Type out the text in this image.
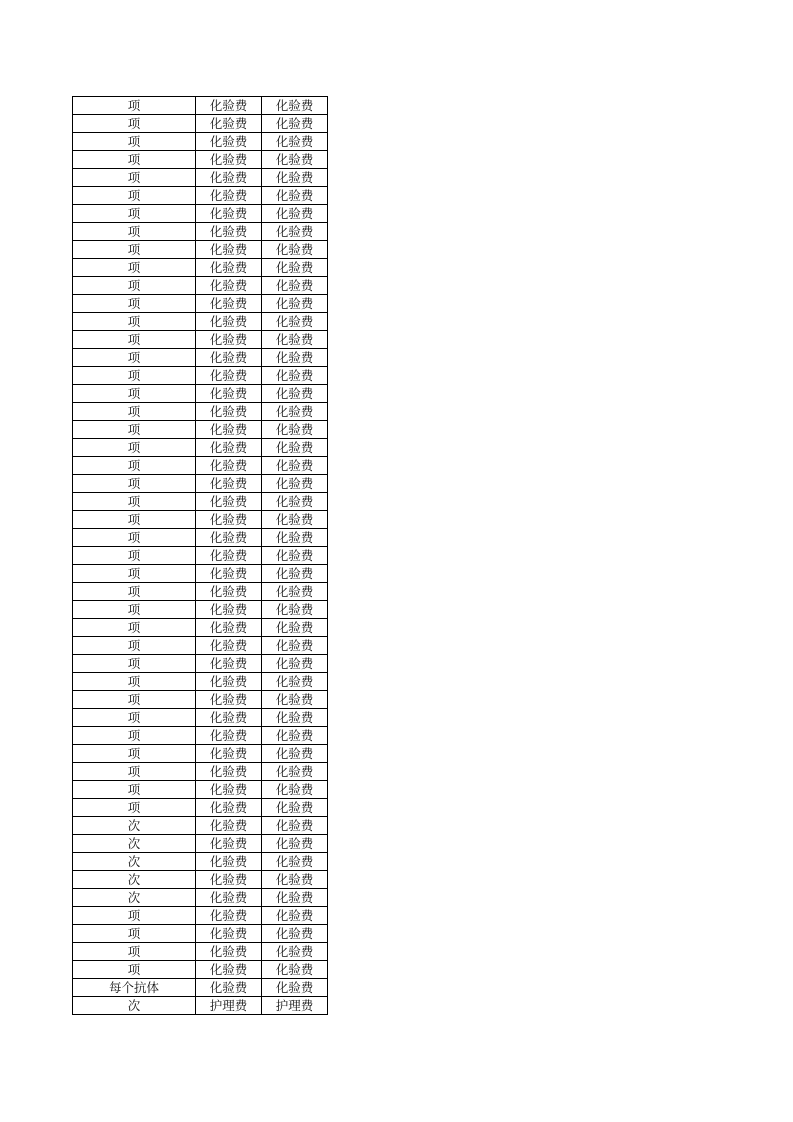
项	化验费	化验费
项	化验费	化验费
项	化验费	化验费
项	化验费	化验费
项	化验费	化验费
项	化验费	化验费
项	化验费	化验费
项	化验费	化验费
项	化验费	化验费
项	化验费	化验费
项	化验费	化验费
项	化验费	化验费
项	化验费	化验费
项	化验费	化验费
项	化验费	化验费
项	化验费	化验费
项	化验费	化验费
项	化验费	化验费
项	化验费	化验费
项	化验费	化验费
项	化验费	化验费
项	化验费	化验费
项	化验费	化验费
项	化验费	化验费
项	化验费	化验费
项	化验费	化验费
项	化验费	化验费
项	化验费	化验费
项	化验费	化验费
项	化验费	化验费
项	化验费	化验费
项	化验费	化验费
项	化验费	化验费
项	化验费	化验费
项	化验费	化验费
项	化验费	化验费
项	化验费	化验费
项	化验费	化验费
项	化验费	化验费
项	化验费	化验费
次	化验费	化验费
次	化验费	化验费
次	化验费	化验费
次	化验费	化验费
次	化验费	化验费
项	化验费	化验费
项	化验费	化验费
项	化验费	化验费
项	化验费	化验费
每个抗体	化验费	化验费
次	护理费	护理费
